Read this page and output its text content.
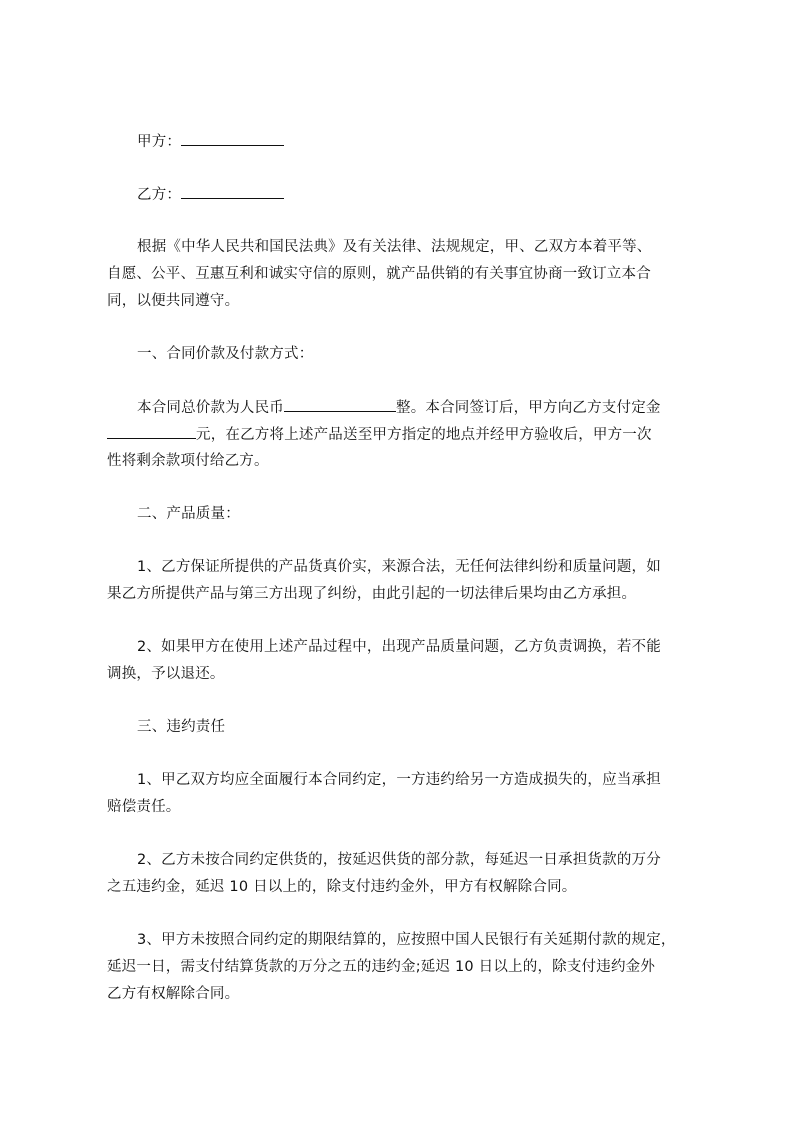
甲方：
乙方：
根据《中华人民共和国民法典》及有关法律、法规规定，甲、乙双方本着平等、
自愿、公平、互惠互利和诚实守信的原则，就产品供销的有关事宜协商一致订立本合
同，以便共同遵守。
一、合同价款及付款方式：
本合同总价款为人民币	整。本合同签订后，甲方向乙方支付定金
元，在乙方将上述产品送至甲方指定的地点并经甲方验收后，甲方一次
性将剩余款项付给乙方。
二、产品质量：
1、乙方保证所提供的产品货真价实，来源合法，无任何法律纠纷和质量问题，如
果乙方所提供产品与第三方出现了纠纷，由此引起的一切法律后果均由乙方承担。
2、如果甲方在使用上述产品过程中，出现产品质量问题，乙方负责调换，若不能
调换，予以退还。
三、违约责任
1、甲乙双方均应全面履行本合同约定，一方违约给另一方造成损失的，应当承担
赔偿责任。
2、乙方未按合同约定供货的，按延迟供货的部分款，每延迟一日承担货款的万分
之五违约金，延迟 10 日以上的，除支付违约金外，甲方有权解除合同。
3、甲方未按照合同约定的期限结算的，应按照中国人民银行有关延期付款的规定，
延迟一日，需支付结算货款的万分之五的违约金;延迟 10 日以上的，除支付违约金外
乙方有权解除合同。
